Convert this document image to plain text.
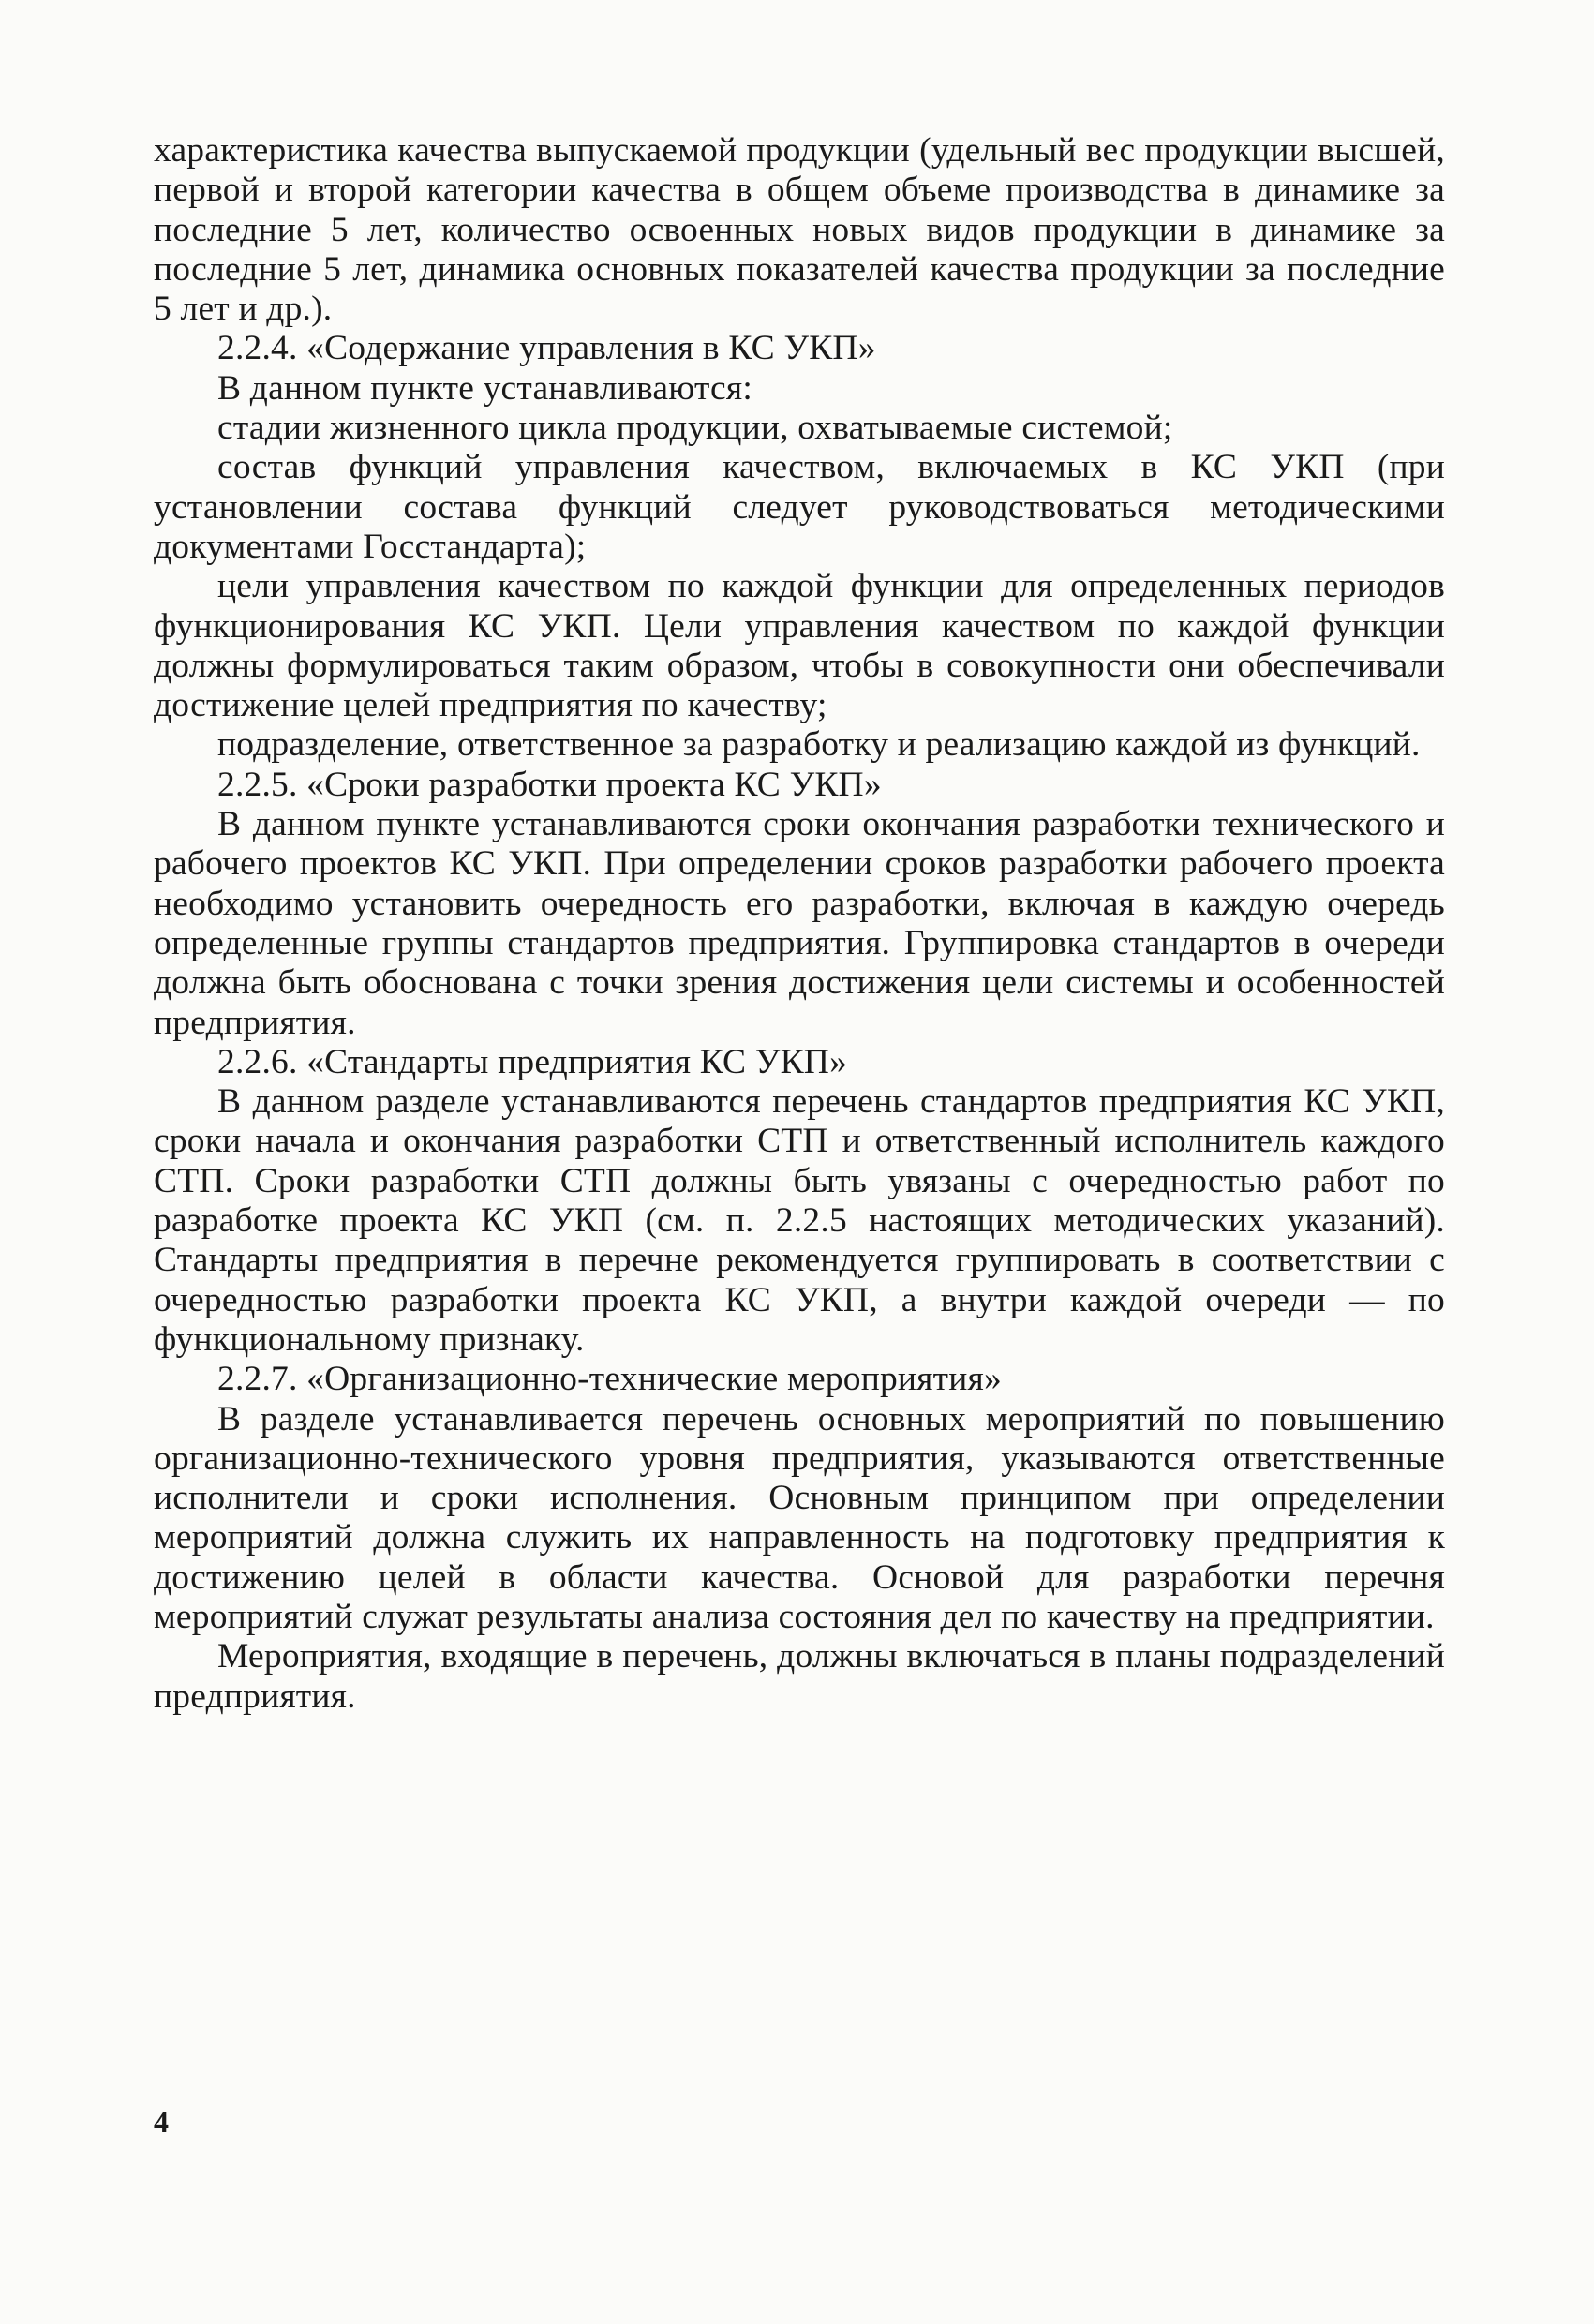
характеристика качества выпускаемой продукции (удельный вес продукции высшей, первой и второй категории качества в общем объеме производства в динамике за последние 5 лет, количество освоенных новых видов продукции в динамике за последние 5 лет, динамика основных показателей качества продукции за последние 5 лет и др.).

2.2.4. «Содержание управления в КС УКП»

В данном пункте устанавливаются:

стадии жизненного цикла продукции, охватываемые системой;

состав функций управления качеством, включаемых в КС УКП (при установлении состава функций следует руководствоваться методическими документами Госстандарта);

цели управления качеством по каждой функции для определенных периодов функционирования КС УКП. Цели управления качеством по каждой функции должны формулироваться таким образом, чтобы в совокупности они обеспечивали достижение целей предприятия по качеству;

подразделение, ответственное за разработку и реализацию каждой из функций.

2.2.5. «Сроки разработки проекта КС УКП»

В данном пункте устанавливаются сроки окончания разработки технического и рабочего проектов КС УКП. При определении сроков разработки рабочего проекта необходимо установить очередность его разработки, включая в каждую очередь определенные группы стандартов предприятия. Группировка стандартов в очереди должна быть обоснована с точки зрения достижения цели системы и особенностей предприятия.

2.2.6. «Стандарты предприятия КС УКП»

В данном разделе устанавливаются перечень стандартов предприятия КС УКП, сроки начала и окончания разработки СТП и ответственный исполнитель каждого СТП. Сроки разработки СТП должны быть увязаны с очередностью работ по разработке проекта КС УКП (см. п. 2.2.5 настоящих методических указаний). Стандарты предприятия в перечне рекомендуется группировать в соответствии с очередностью разработки проекта КС УКП, а внутри каждой очереди — по функциональному признаку.

2.2.7. «Организационно-технические мероприятия»

В разделе устанавливается перечень основных мероприятий по повышению организационно-технического уровня предприятия, указываются ответственные исполнители и сроки исполнения. Основным принципом при определении мероприятий должна служить их направленность на подготовку предприятия к достижению целей в области качества. Основой для разработки перечня мероприятий служат результаты анализа состояния дел по качеству на предприятии.

Мероприятия, входящие в перечень, должны включаться в планы подразделений предприятия.

4
